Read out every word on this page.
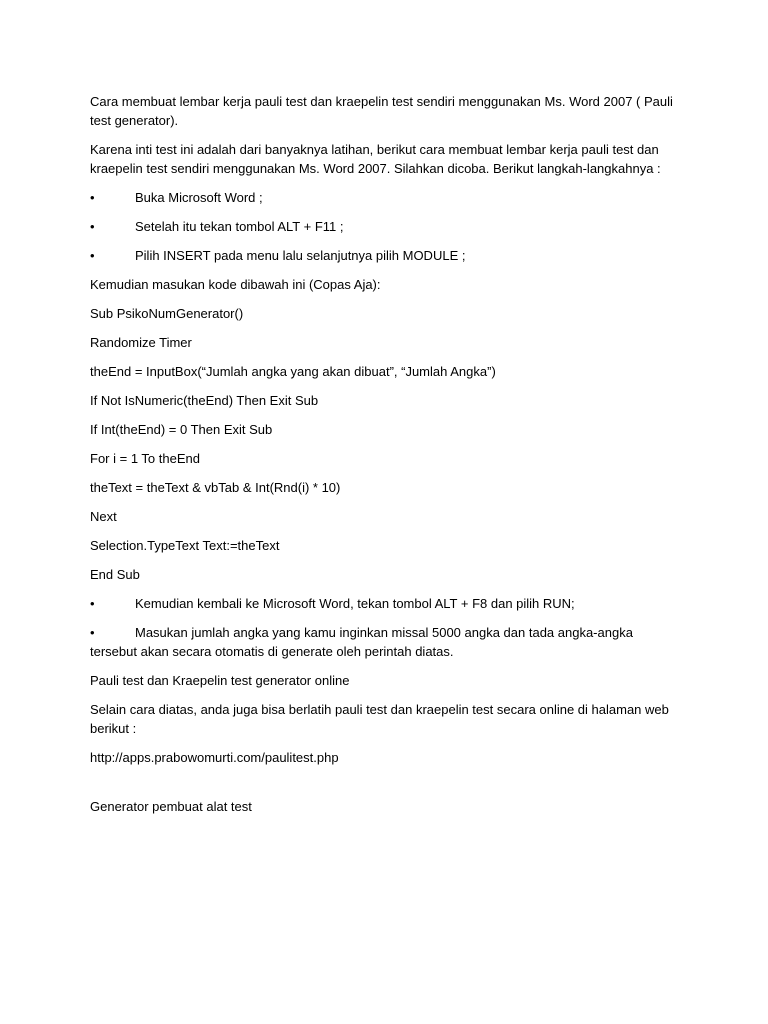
Cara membuat lembar kerja pauli test dan kraepelin test sendiri menggunakan Ms. Word 2007 ( Pauli test generator).
Karena inti test ini adalah dari banyaknya latihan, berikut cara membuat lembar kerja pauli test dan kraepelin test sendiri menggunakan Ms. Word 2007. Silahkan dicoba. Berikut langkah-langkahnya :
•	Buka Microsoft Word ;
•	Setelah itu tekan tombol ALT + F11 ;
•	Pilih INSERT pada menu lalu selanjutnya pilih MODULE ;
Kemudian masukan kode dibawah ini (Copas Aja):
Sub PsikoNumGenerator()
Randomize Timer
theEnd = InputBox(“Jumlah angka yang akan dibuat”, “Jumlah Angka”)
If Not IsNumeric(theEnd) Then Exit Sub
If Int(theEnd) = 0 Then Exit Sub
For i = 1 To theEnd
theText = theText & vbTab & Int(Rnd(i) * 10)
Next
Selection.TypeText Text:=theText
End Sub
•	Kemudian kembali ke Microsoft Word, tekan tombol ALT + F8 dan pilih RUN;
•	Masukan jumlah angka yang kamu inginkan missal 5000 angka dan tada angka-angka tersebut akan secara otomatis di generate oleh perintah diatas.
Pauli test dan Kraepelin test generator online
Selain cara diatas, anda juga bisa berlatih pauli test dan kraepelin test secara online di halaman web berikut :
http://apps.prabowomurti.com/paulitest.php
Generator pembuat alat test
